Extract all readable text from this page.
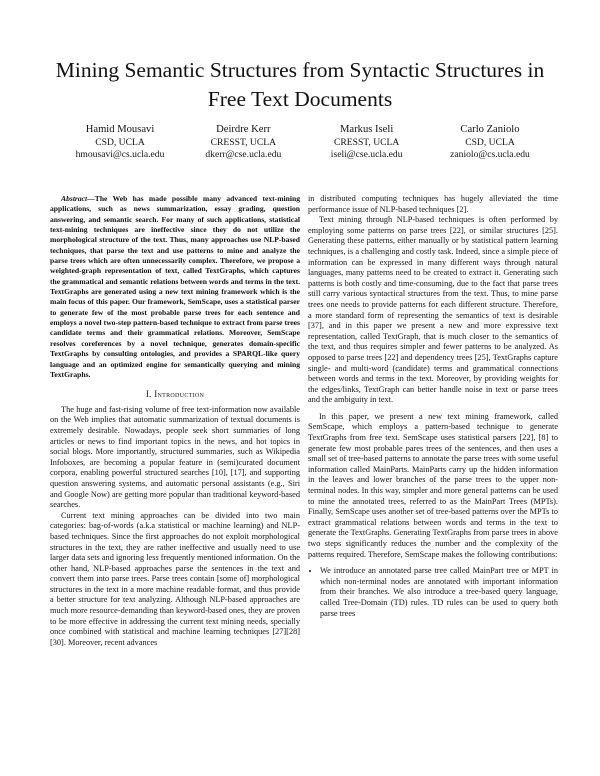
Mining Semantic Structures from Syntactic Structures in Free Text Documents
Hamid Mousavi
CSD, UCLA
hmousavi@cs.ucla.edu
Deirdre Kerr
CRESST, UCLA
dkerr@cse.ucla.edu
Markus Iseli
CRESST, UCLA
iseli@cse.ucla.edu
Carlo Zaniolo
CSD, UCLA
zaniolo@cs.ucla.edu

Abstract—The Web has made possible many advanced text-mining applications, such as news summarization, essay grading, question answering, and semantic search. For many of such applications, statistical text-mining techniques are ineffective since they do not utilize the morphological structure of the text. Thus, many approaches use NLP-based techniques, that parse the text and use patterns to mine and analyze the parse trees which are often unnecessarily complex. Therefore, we propose a weighted-graph representation of text, called TextGraphs, which captures the grammatical and semantic relations between words and terms in the text. TextGraphs are generated using a new text mining framework which is the main focus of this paper. Our framework, SemScape, uses a statistical parser to generate few of the most probable parse trees for each sentence and employs a novel two-step pattern-based technique to extract from parse trees candidate terms and their grammatical relations. Moreover, SemScape resolves coreferences by a novel technique, generates domain-specific TextGraphs by consulting ontologies, and provides a SPARQL-like query language and an optimized engine for semantically querying and mining TextGraphs.

I. Introduction

The huge and fast-rising volume of free text-information now available on the Web implies that automatic summarization of textual documents is extremely desirable. Nowadays, people seek short summaries of long articles or news to find important topics in the news, and hot topics in social blogs. More importantly, structured summaries, such as Wikipedia Infoboxes, are becoming a popular feature in (semi)curated document corpora, enabling powerful structured searches [10], [17], and supporting question answering systems, and automatic personal assistants (e.g., Siri and Google Now) are getting more popular than traditional keyword-based searches.

Current text mining approaches can be divided into two main categories: bag-of-words (a.k.a statistical or machine learning) and NLP-based techniques. Since the first approaches do not exploit morphological structures in the text, they are rather ineffective and usually need to use larger data sets and ignoring less frequently mentioned information. On the other hand, NLP-based approaches parse the sentences in the text and convert them into parse trees. Parse trees contain [some of] morphological structures in the text in a more machine readable format, and thus provide a better structure for text analyzing. Although NLP-based approaches are much more resource-demanding than keyword-based ones, they are proven to be more effective in addressing the current text mining needs, specially once combined with statistical and machine learning techniques [27][28][30]. Moreover, recent advances

in distributed computing techniques has hugely alleviated the time performance issue of NLP-based techniques [2].

Text mining through NLP-based techniques is often performed by employing some patterns on parse trees [22], or similar structures [25]. Generating these patterns, either manually or by statistical pattern learning techniques, is a challenging and costly task. Indeed, since a simple piece of information can be expressed in many different ways through natural languages, many patterns need to be created to extract it. Generating such patterns is both costly and time-consuming, due to the fact that parse trees still carry various syntactical structures from the text. Thus, to mine parse trees one needs to provide patterns for each different structure. Therefore, a more standard form of representing the semantics of text is desirable [37], and in this paper we present a new and more expressive text representation, called TextGraph, that is much closer to the semantics of the text, and thus requires simpler and fewer patterns to be analyzed. As opposed to parse trees [22] and dependency trees [25], TextGraphs capture single- and multi-word (candidate) terms and grammatical connections between words and terms in the text. Moreover, by providing weights for the edges/links, TextGraph can better handle noise in text or parse trees and the ambiguity in text.

In this paper, we present a new text mining framework, called SemScape, which employs a pattern-based technique to generate TextGraphs from free text. SemScape uses statistical parsers [22], [8] to generate few most probable pares trees of the sentences, and then uses a small set of tree-based patterns to annotate the parse trees with some useful information called MainParts. MainParts carry up the hidden information in the leaves and lower branches of the parse trees to the upper non-terminal nodes. In this way, simpler and more general patterns can be used to mine the annotated trees, referred to as the MainPart Trees (MPTs). Finally, SemScape uses another set of tree-based patterns over the MPTs to extract grammatical relations between words and terms in the text to generate the TextGraphs. Generating TextGraphs from parse trees in above two steps significantly reduces the number and the complexity of the patterns required. Therefore, SemScape makes the following contributions:

• We introduce an annotated parse tree called MainPart tree or MPT in which non-terminal nodes are annotated with important information from their branches. We also introduce a tree-based query language, called Tree-Domain (TD) rules. TD rules can be used to query both parse trees
